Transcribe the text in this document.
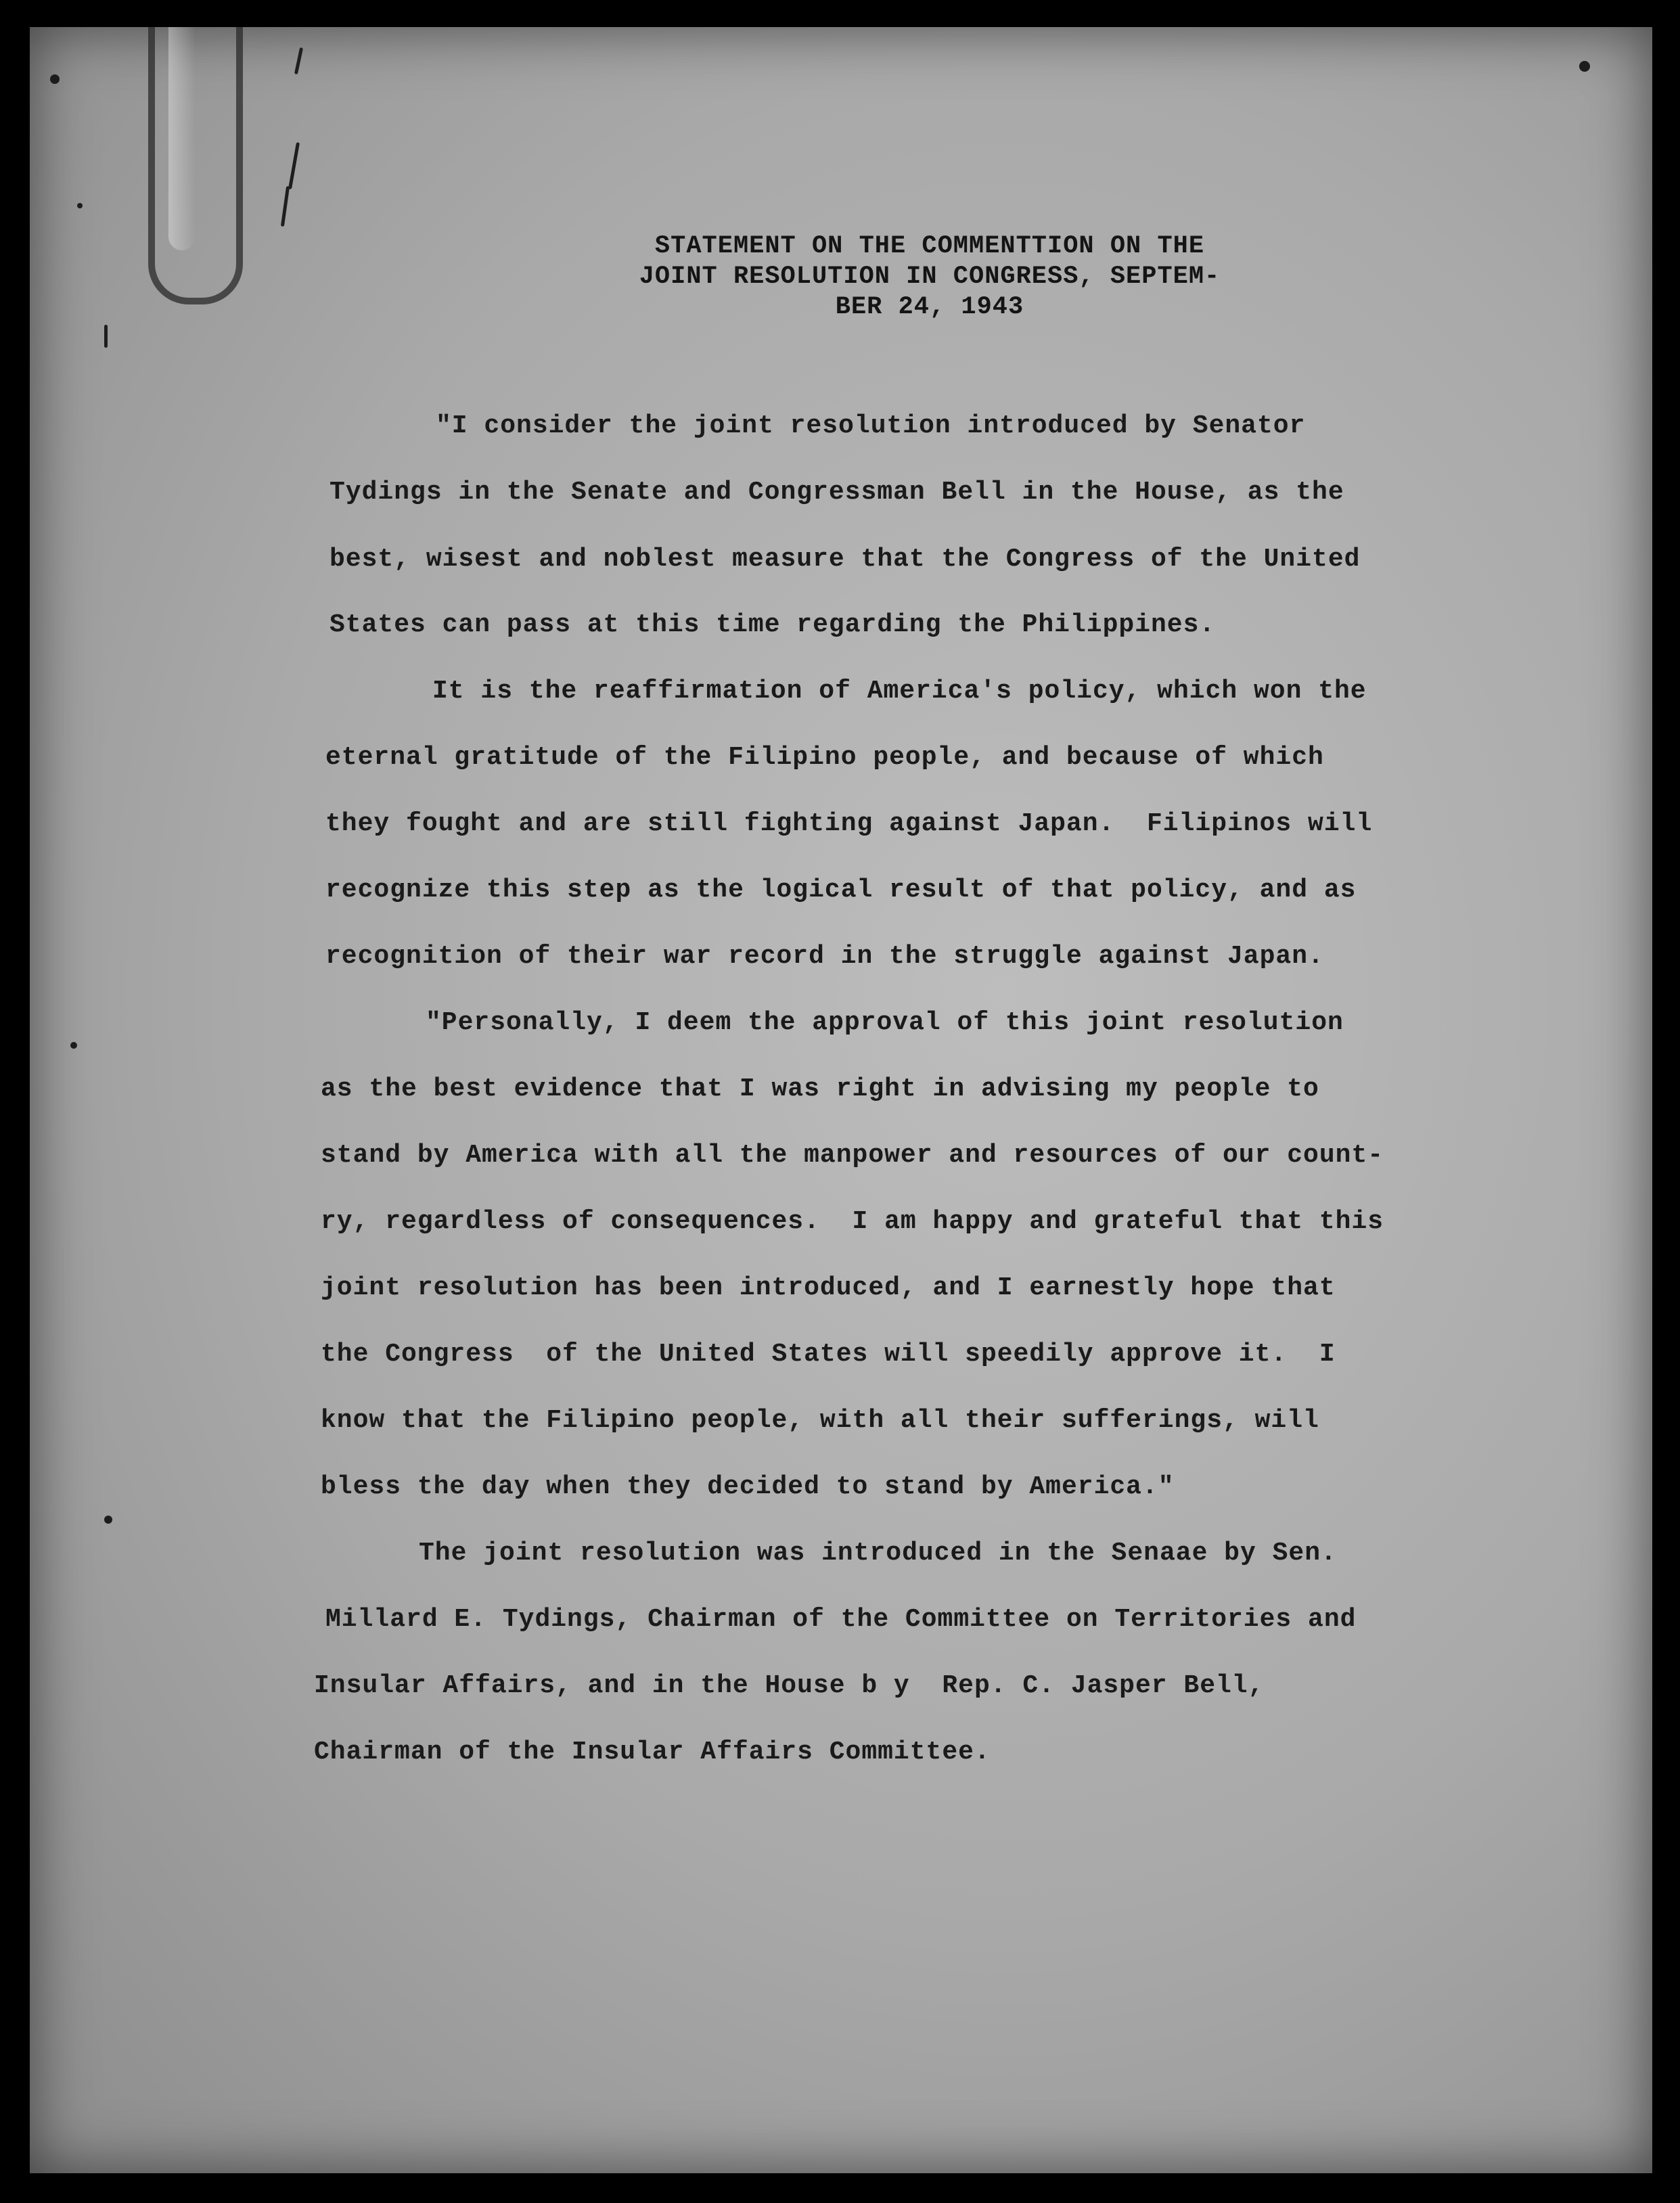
STATEMENT ON THE COMMENTTION ON THE
JOINT RESOLUTION IN CONGRESS, SEPTEM-
BER 24, 1943
"I consider the joint resolution introduced by Senator
Tydings in the Senate and Congressman Bell in the House, as the
best, wisest and noblest measure that the Congress of the United
States can pass at this time regarding the Philippines.
It is the reaffirmation of America's policy, which won the
eternal gratitude of the Filipino people, and because of which
they fought and are still fighting against Japan.  Filipinos will
recognize this step as the logical result of that policy, and as
recognition of their war record in the struggle against Japan.
"Personally, I deem the approval of this joint resolution
as the best evidence that I was right in advising my people to
stand by America with all the manpower and resources of our count-
ry, regardless of consequences.  I am happy and grateful that this
joint resolution has been introduced, and I earnestly hope that
the Congress  of the United States will speedily approve it.  I
know that the Filipino people, with all their sufferings, will
bless the day when they decided to stand by America."
The joint resolution was introduced in the Senaae by Sen.
Millard E. Tydings, Chairman of the Committee on Territories and
Insular Affairs, and in the House b y  Rep. C. Jasper Bell,
Chairman of the Insular Affairs Committee.
